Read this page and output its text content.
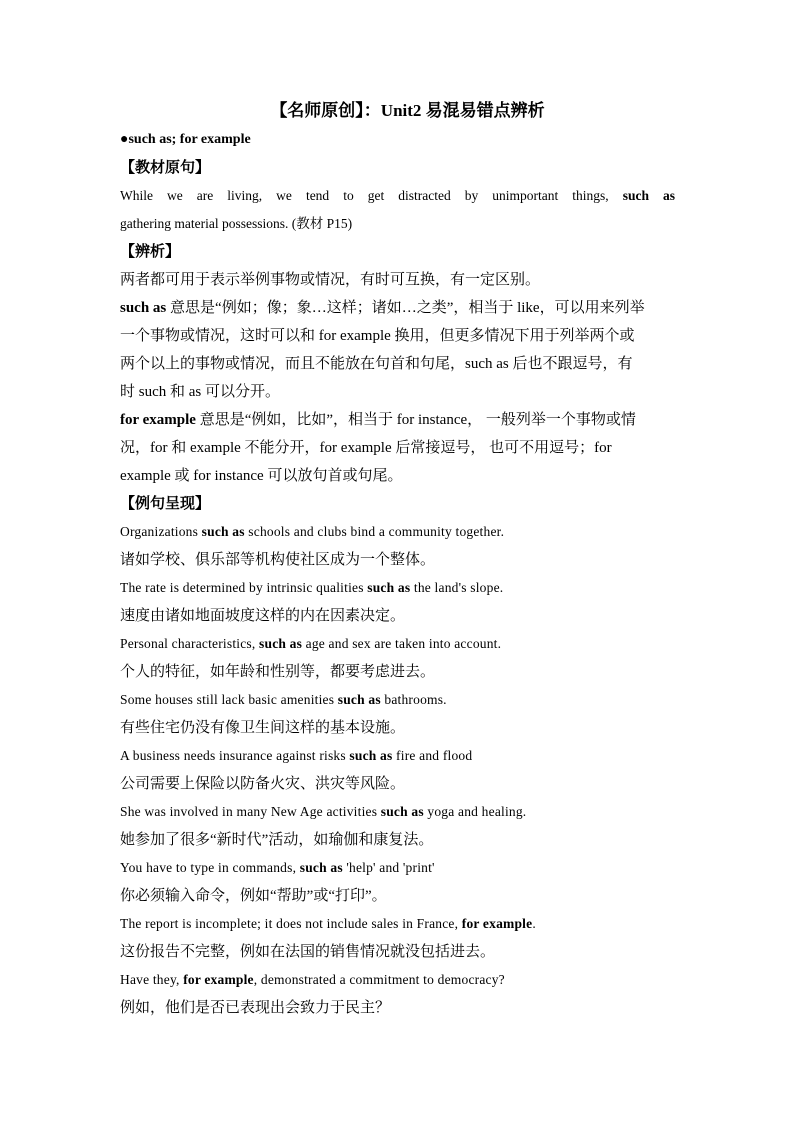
【名师原创】：Unit2 易混易错点辨析
●such as; for example
【教材原句】
While we are living, we tend to get distracted by unimportant things, such as
gathering material possessions. (教材 P15)
【辨析】
两者都可用于表示举例事物或情况，有时可互换，有一定区别。
such as 意思是“例如；像；象…这样；诸如…之类”，相当于 like，可以用来列举
一个事物或情况，这时可以和 for example 换用，但更多情况下用于列举两个或
两个以上的事物或情况，而且不能放在句首和句尾，such as 后也不跟逗号，有
时 such 和 as 可以分开。
for example 意思是“例如，比如”，相当于 for instance， 一般列举一个事物或情
况，for 和 example 不能分开，for example 后常接逗号， 也可不用逗号；for
example 或 for instance 可以放句首或句尾。
【例句呈现】
Organizations such as schools and clubs bind a community together.
诸如学校、俱乐部等机构使社区成为一个整体。
The rate is determined by intrinsic qualities such as the land's slope.
速度由诸如地面坡度这样的内在因素决定。
Personal characteristics, such as age and sex are taken into account.
个人的特征，如年龄和性别等，都要考虑进去。
Some houses still lack basic amenities such as bathrooms.
有些住宅仍没有像卫生间这样的基本设施。
A business needs insurance against risks such as fire and flood
公司需要上保险以防备火灾、洪灾等风险。
She was involved in many New Age activities such as yoga and healing.
她参加了很多“新时代”活动，如瑜伽和康复法。
You have to type in commands, such as 'help' and 'print'
你必须输入命令，例如“帮助”或“打印”。
The report is incomplete; it does not include sales in France, for example.
这份报告不完整，例如在法国的销售情况就没包括进去。
Have they, for example, demonstrated a commitment to democracy?
例如，他们是否已表现出会致力于民主？
